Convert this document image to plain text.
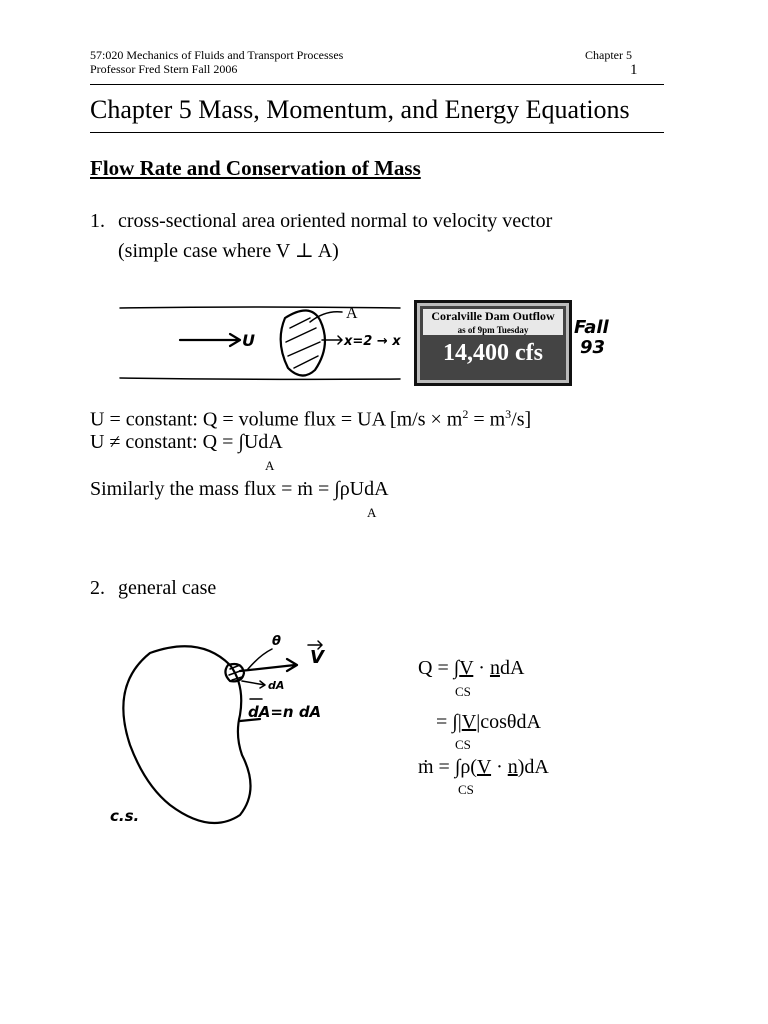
57:020 Mechanics of Fluids and Transport Processes
Professor Fred Stern Fall 2006
Chapter 5
1
Chapter 5 Mass, Momentum, and Energy Equations
Flow Rate and Conservation of Mass
1. cross-sectional area oriented normal to velocity vector
(simple case where V ⊥ A)
A
U	x=2 → x
Coralville Dam Outflow
as of 9pm Tuesday
14,400 cfs
Fall
93
U = constant: Q = volume flux = UA $[m/s \times m^2 = m^3/s]$
U ≠ constant: Q = ∫UdA
A
Similarly the mass flux = ṁ = ∫ρUdA
A
2. general case
V
θ
dA
dA=n dA
c.s.
Q = ∫V · ndA
CS
= ∫|V|cosθdA
CS
ṁ = ∫ρ(V · n)dA
CS
